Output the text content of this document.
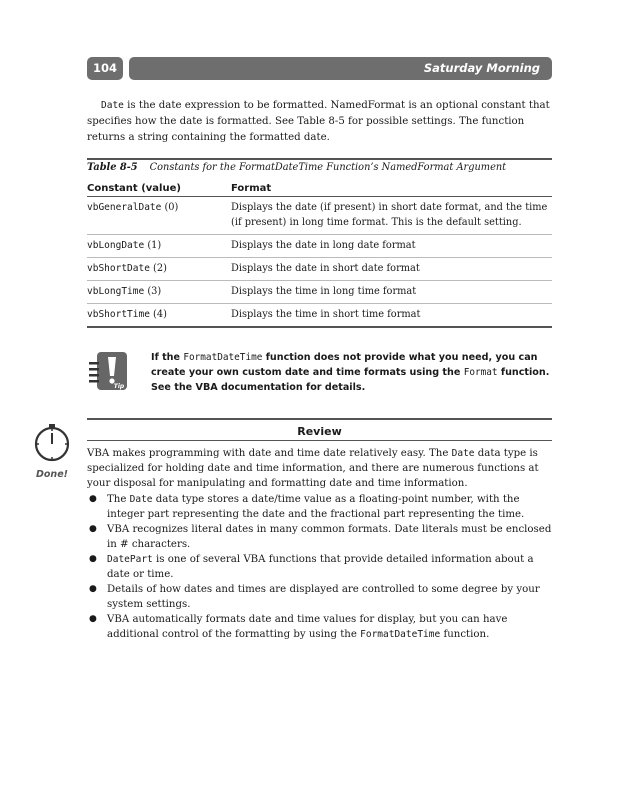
104	Saturday Morning

Date is the date expression to be formatted. NamedFormat is an optional constant that specifies how the date is formatted. See Table 8-5 for possible settings. The function returns a string containing the formatted date.

Table 8-5 Constants for the FormatDateTime Function’s NamedFormat Argument
Constant (value)	Format
vbGeneralDate (0)	Displays the date (if present) in short date format, and the time (if present) in long time format. This is the default setting.
vbLongDate (1)	Displays the date in long date format
vbShortDate (2)	Displays the date in short date format
vbLongTime (3)	Displays the time in long time format
vbShortTime (4)	Displays the time in short time format
Tip
If the FormatDateTime function does not provide what you need, you can create your own custom date and time formats using the Format function. See the VBA documentation for details.
Done!
Review

VBA makes programming with date and time date relatively easy. The Date data type is specialized for holding date and time information, and there are numerous functions at your disposal for manipulating and formatting date and time information.

● The Date data type stores a date/time value as a floating-point number, with the integer part representing the date and the fractional part representing the time.
● VBA recognizes literal dates in many common formats. Date literals must be enclosed in # characters.
● DatePart is one of several VBA functions that provide detailed information about a date or time.
● Details of how dates and times are displayed are controlled to some degree by your system settings.
● VBA automatically formats date and time values for display, but you can have additional control of the formatting by using the FormatDateTime function.
